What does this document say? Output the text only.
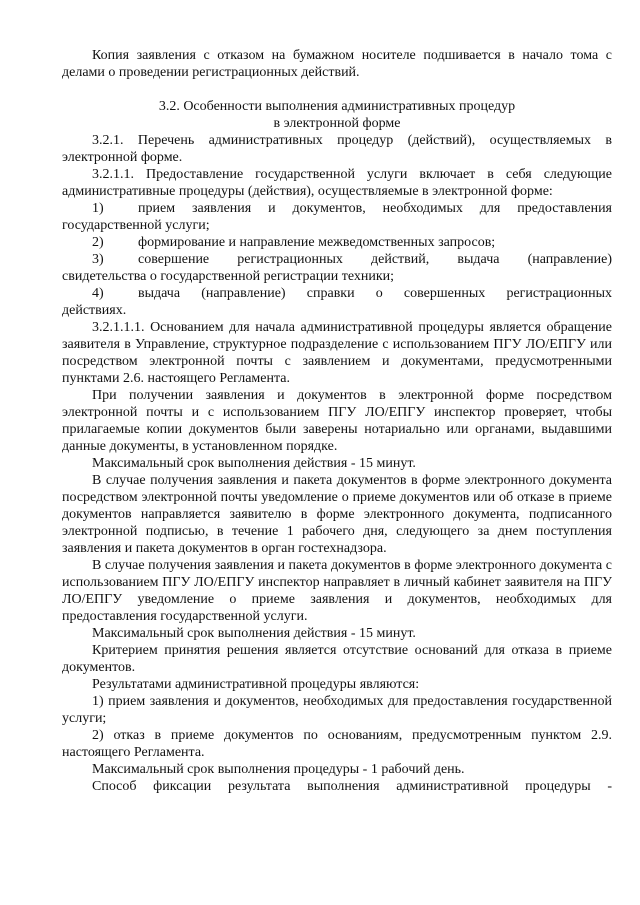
Копия заявления с отказом на бумажном носителе подшивается в начало тома с делами о проведении регистрационных действий.

3.2. Особенности выполнения административных процедур
в электронной форме

3.2.1. Перечень административных процедур (действий), осуществляемых в электронной форме.

3.2.1.1. Предоставление государственной услуги включает в себя следующие административные процедуры (действия), осуществляемые в электронной форме:

1)	прием заявления и документов, необходимых для предоставления

государственной услуги;

2)	формирование и направление межведомственных запросов;
3)	совершение регистрационных действий, выдача (направление)

свидетельства о государственной регистрации техники;

4)	выдача (направление) справки о совершенных регистрационных

действиях.

3.2.1.1.1. Основанием для начала административной процедуры является обращение заявителя в Управление, структурное подразделение с использованием ПГУ ЛО/ЕПГУ или посредством электронной почты с заявлением и документами, предусмотренными пунктами 2.6. настоящего Регламента.

При получении заявления и документов в электронной форме посредством электронной почты и с использованием ПГУ ЛО/ЕПГУ инспектор проверяет, чтобы прилагаемые копии документов были заверены нотариально или органами, выдавшими данные документы, в установленном порядке.

Максимальный срок выполнения действия - 15 минут.

В случае получения заявления и пакета документов в форме электронного документа посредством электронной почты уведомление о приеме документов или об отказе в приеме документов направляется заявителю в форме электронного документа, подписанного электронной подписью, в течение 1 рабочего дня, следующего за днем поступления заявления и пакета документов в орган гостехнадзора.

В случае получения заявления и пакета документов в форме электронного документа с использованием ПГУ ЛО/ЕПГУ инспектор направляет в личный кабинет заявителя на ПГУ ЛО/ЕПГУ уведомление о приеме заявления и документов, необходимых для предоставления государственной услуги.

Максимальный срок выполнения действия - 15 минут.

Критерием принятия решения является отсутствие оснований для отказа в приеме документов.

Результатами административной процедуры являются:

1) прием заявления и документов, необходимых для предоставления государственной услуги;

2) отказ в приеме документов по основаниям, предусмотренным пунктом 2.9. настоящего Регламента.

Максимальный срок выполнения процедуры - 1 рабочий день.

Способ фиксации результата выполнения административной процедуры -
